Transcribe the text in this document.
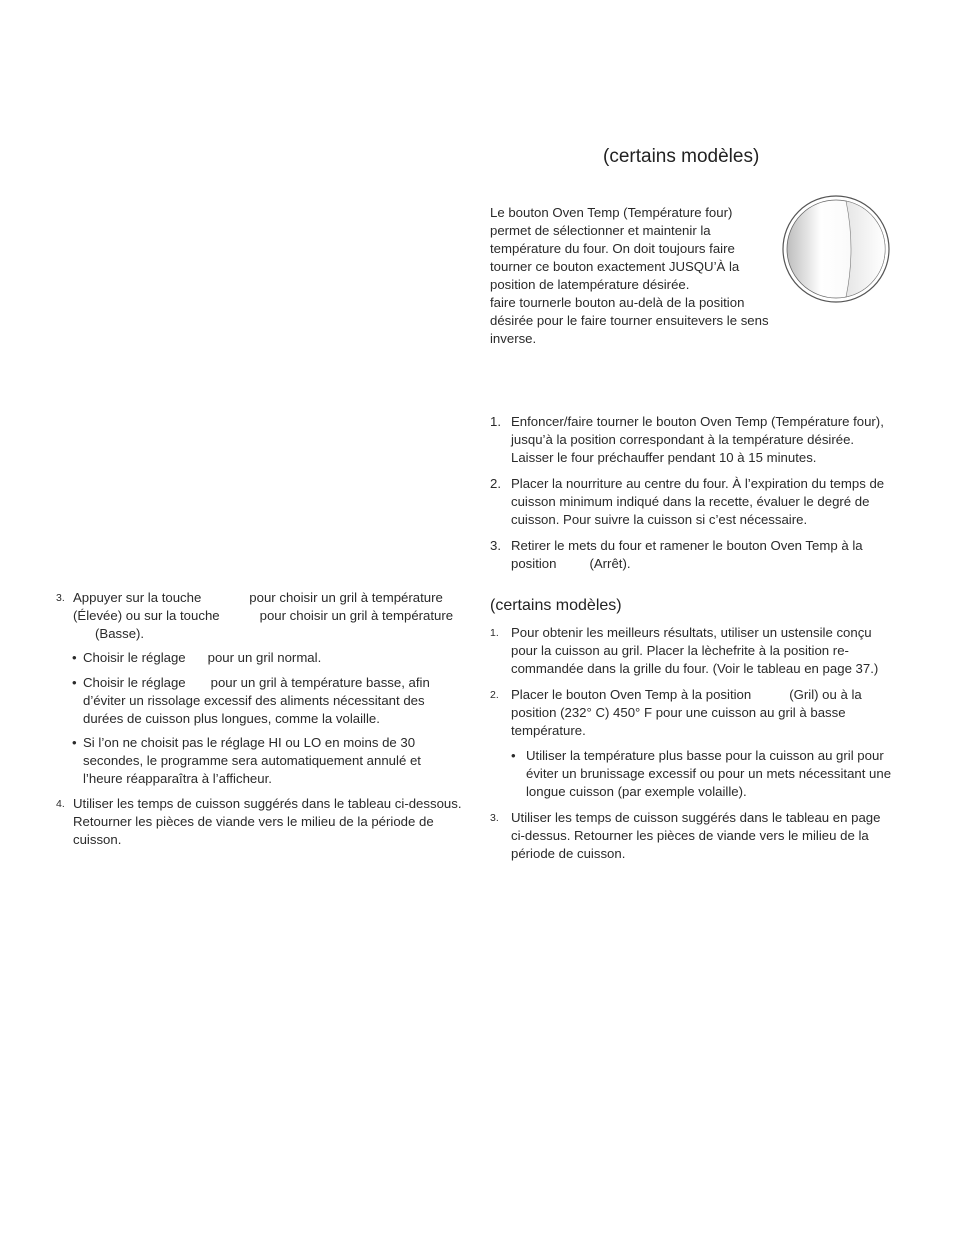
(certains modèles)
Le bouton Oven Temp (Température four)
permet de sélectionner et maintenir la
température du four. On doit toujours faire
tourner ce bouton exactement JUSQU’À la
position de latempérature désirée.
faire tournerle bouton au-delà de la position
désirée pour le faire tourner ensuitevers le sens
inverse.
1. Enfoncer/faire tourner le bouton Oven Temp (Température four),
jusqu’à la position correspondant à la température désirée.
Laisser le four préchauffer pendant 10 à 15 minutes.
2. Placer la nourriture au centre du four. À l’expiration du temps de
cuisson minimum indiqué dans la recette, évaluer le degré de
cuisson. Pour suivre la cuisson si c’est nécessaire.
3. Retirer le mets du four et ramener le bouton Oven Temp à la
position	(Arrêt).
(certains modèles)
1. Pour obtenir les meilleurs résultats, utiliser un ustensile conçu
pour la cuisson au gril. Placer la lèchefrite à la position re-
commandée dans la grille du four. (Voir le tableau en page 37.)
2. Placer le bouton Oven Temp à la position	(Gril) ou à la
position (232° C) 450° F pour une cuisson au gril à basse
température.
• Utiliser la température plus basse pour la cuisson au gril pour
éviter un brunissage excessif ou pour un mets nécessitant une
longue cuisson (par exemple volaille).
3. Utiliser les temps de cuisson suggérés dans le tableau en page
ci-dessus. Retourner les pièces de viande vers le milieu de la
période de cuisson.
3. Appuyer sur la touche	pour choisir un gril à température
(Élevée) ou sur la touche	pour choisir un gril à température
(Basse).
• Choisir le réglage pour un gril normal.
• Choisir le réglage pour un gril à température basse, afin
d’éviter un rissolage excessif des aliments nécessitant des
durées de cuisson plus longues, comme la volaille.
• Si l’on ne choisit pas le réglage HI ou LO en moins de 30
secondes, le programme sera automatiquement annulé et
l’heure réapparaîtra à l’afficheur.
4. Utiliser les temps de cuisson suggérés dans le tableau ci-dessous.
Retourner les pièces de viande vers le milieu de la période de
cuisson.
